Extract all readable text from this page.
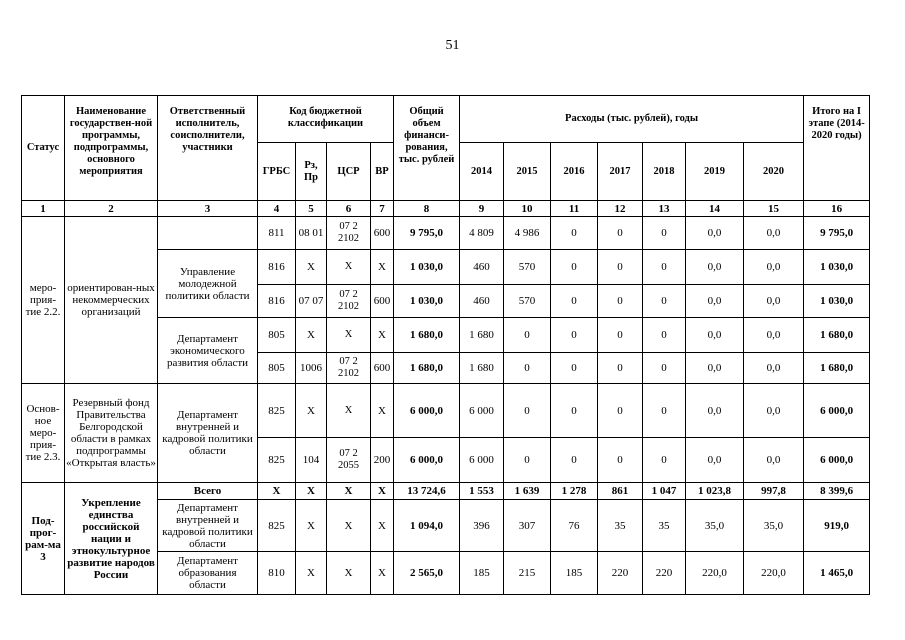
51
Статус	Наименование государствен-ной программы, подпрограммы, основного мероприятия	Ответственный исполнитель, соисполнители, участники	Код бюджетной классификации				Общий объем финанси-рования, тыс. рублей	Расходы (тыс. рублей), годы							Итого на I этапе (2014-2020 годы)
			ГРБС	Рз, Пр	ЦСР	ВР		2014	2015	2016	2017	2018	2019	2020	
1	2	3	4	5	6	7	8	9	10	11	12	13	14	15	16
меро-прия-тие 2.2.	ориентирован-ных некоммерческих организаций		811	08 01	07 2 2102	600	9 795,0	4 809	4 986	0	0	0	0,0	0,0	9 795,0
		Управление молодежной политики области	816	Х	Х	Х	1 030,0	460	570	0	0	0	0,0	0,0	1 030,0
			816	07 07	07 2 2102	600	1 030,0	460	570	0	0	0	0,0	0,0	1 030,0
		Департамент экономического развития области	805	Х	Х	Х	1 680,0	1 680	0	0	0	0	0,0	0,0	1 680,0
			805	1006	07 2 2102	600	1 680,0	1 680	0	0	0	0	0,0	0,0	1 680,0
Основ-ное меро-прия-тие 2.3.	Резервный фонд Правительства Белгородской области в рамках подпрограммы «Открытая власть»	Департамент внутренней и кадровой политики области	825	Х	Х	Х	6 000,0	6 000	0	0	0	0	0,0	0,0	6 000,0
			825	104	07 2 2055	200	6 000,0	6 000	0	0	0	0	0,0	0,0	6 000,0
Под-прог-рам-ма 3	Укрепление единства российской нации и этнокультурное развитие народов России	Всего	Х	Х	Х	Х	13 724,6	1 553	1 639	1 278	861	1 047	1 023,8	997,8	8 399,6
		Департамент внутренней и кадровой политики области	825	Х	Х	Х	1 094,0	396	307	76	35	35	35,0	35,0	919,0
		Департамент образования области	810	Х	Х	Х	2 565,0	185	215	185	220	220	220,0	220,0	1 465,0
